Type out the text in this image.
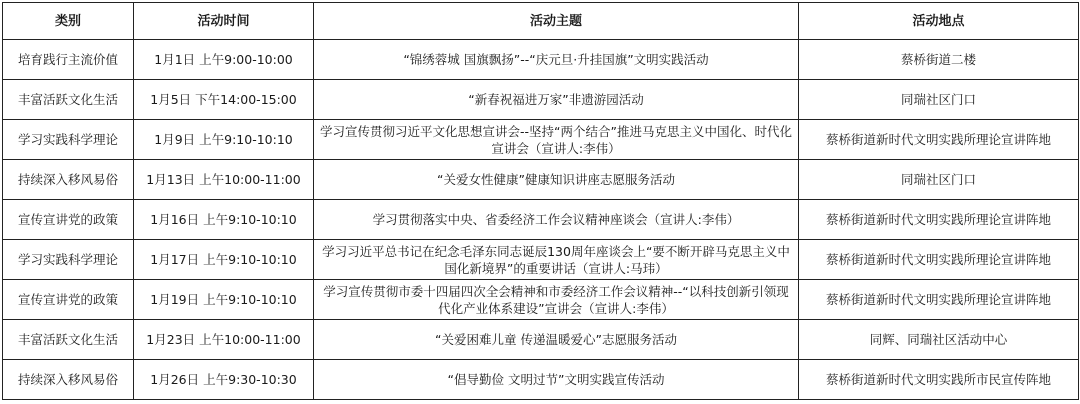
类别	活动时间	活动主题	活动地点
培育践行主流价值	1月1日 上午9:00-10:00	“锦绣蓉城 国旗飘扬”--“庆元旦·升挂国旗”文明实践活动	蔡桥街道二楼
丰富活跃文化生活	1月5日 下午14:00-15:00	“新春祝福进万家”非遗游园活动	同瑞社区门口
学习实践科学理论	1月9日 上午9:10-10:10	学习宣传贯彻习近平文化思想宣讲会--坚持“两个结合”推进马克思主义中国化、时代化宣讲会（宣讲人:李伟）	蔡桥街道新时代文明实践所理论宣讲阵地
持续深入移风易俗	1月13日 上午10:00-11:00	“关爱女性健康”健康知识讲座志愿服务活动	同瑞社区门口
宣传宣讲党的政策	1月16日 上午9:10-10:10	学习贯彻落实中央、省委经济工作会议精神座谈会（宣讲人:李伟）	蔡桥街道新时代文明实践所理论宣讲阵地
学习实践科学理论	1月17日 上午9:10-10:10	学习习近平总书记在纪念毛泽东同志诞辰130周年座谈会上“要不断开辟马克思主义中国化新境界”的重要讲话（宣讲人:马玮）	蔡桥街道新时代文明实践所理论宣讲阵地
宣传宣讲党的政策	1月19日 上午9:10-10:10	学习宣传贯彻市委十四届四次全会精神和市委经济工作会议精神--“以科技创新引领现代化产业体系建设”宣讲会（宣讲人:李伟）	蔡桥街道新时代文明实践所理论宣讲阵地
丰富活跃文化生活	1月23日 上午10:00-11:00	“关爱困难儿童 传递温暖爱心”志愿服务活动	同辉、同瑞社区活动中心
持续深入移风易俗	1月26日 上午9:30-10:30	“倡导勤俭 文明过节”文明实践宣传活动	蔡桥街道新时代文明实践所市民宣传阵地
